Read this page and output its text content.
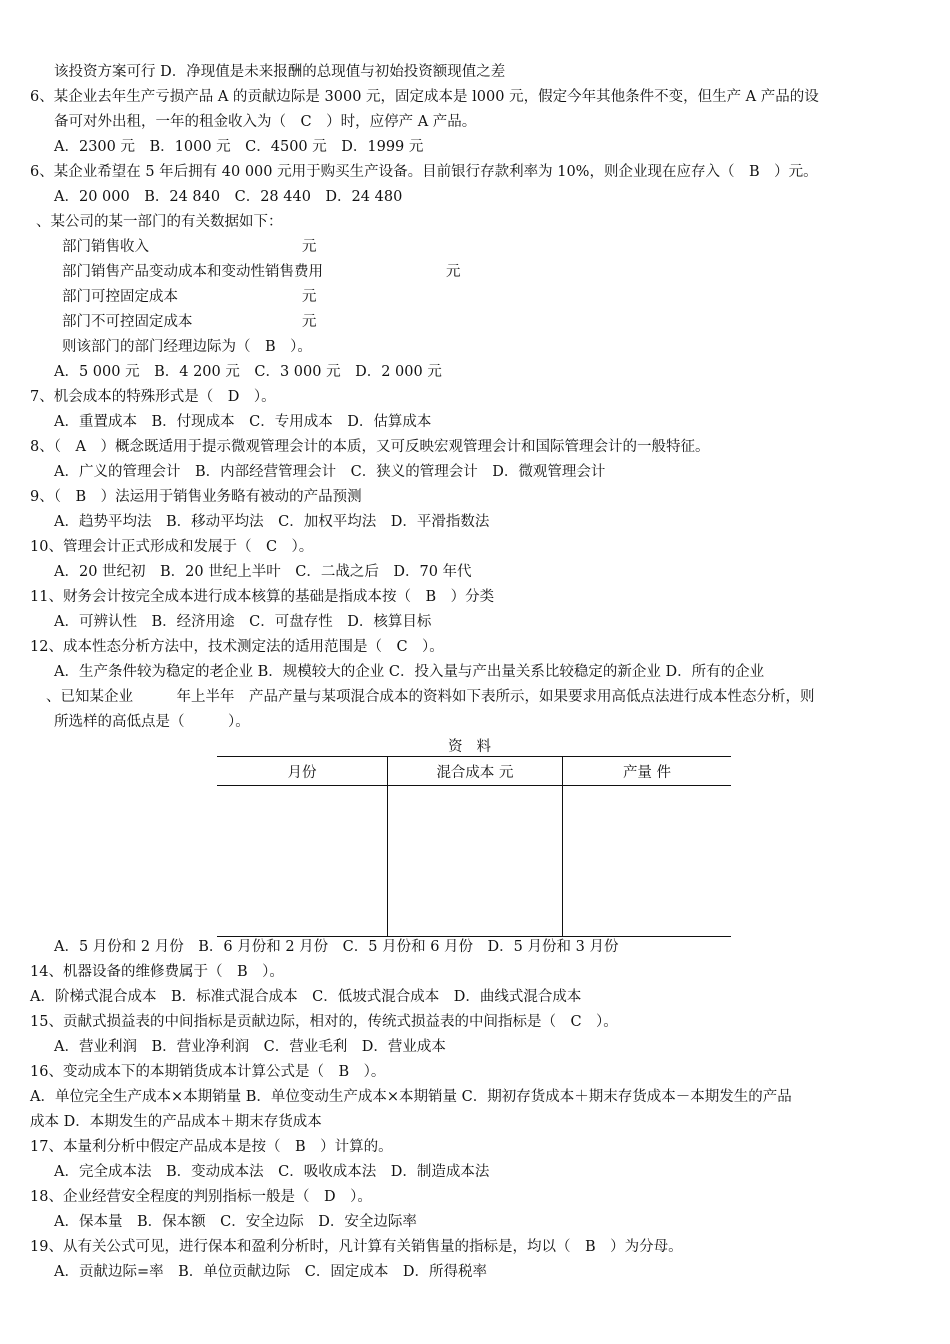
该投资方案可行 D．净现值是未来报酬的总现值与初始投资额现值之差
6、某企业去年生产亏损产品 A 的贡献边际是 3000 元，固定成本是 l000 元，假定今年其他条件不变，但生产 A 产品的设
备可对外出租，一年的租金收入为（　C　）时，应停产 A 产品。
A．2300 元　B．1000 元　C．4500 元　D．1999 元
6、某企业希望在 5 年后拥有 40 000 元用于购买生产设备。目前银行存款利率为 10%，则企业现在应存入（　B　）元。
A．20 000　B．24 840　C．28 440　D．24 480
、某公司的某一部门的有关数据如下：
部门销售收入	元
部门销售产品变动成本和变动性销售费用	元
部门可控固定成本	元
部门不可控固定成本	元
则该部门的部门经理边际为（　B　）。
A．5 000 元　B．4 200 元　C．3 000 元　D．2 000 元
7、机会成本的特殊形式是（　D　）。
A．重置成本　B．付现成本　C．专用成本　D．估算成本
8、（　A　）概念既适用于提示微观管理会计的本质，又可反映宏观管理会计和国际管理会计的一般特征。
A．广义的管理会计　B．内部经营管理会计　C．狭义的管理会计　D．微观管理会计
9、（　B　）法运用于销售业务略有被动的产品预测
A．趋势平均法　B．移动平均法　C．加权平均法　D．平滑指数法
10、管理会计正式形成和发展于（　C　）。
A．20 世纪初　B．20 世纪上半叶　C．二战之后　D．70 年代
11、财务会计按完全成本进行成本核算的基础是指成本按（　B　）分类
A．可辨认性　B．经济用途　C．可盘存性　D．核算目标
12、成本性态分析方法中，技术测定法的适用范围是（　C　）。
A．生产条件较为稳定的老企业 B．规模较大的企业 C．投入量与产出量关系比较稳定的新企业 D．所有的企业
、已知某企业　　　年上半年　产品产量与某项混合成本的资料如下表所示，如果要求用高低点法进行成本性态分析，则
所选样的高低点是（　　　）。
资料
月份	混合成本 元	产量 件

A．5 月份和 2 月份　B．6 月份和 2 月份　C．5 月份和 6 月份　D．5 月份和 3 月份
14、机器设备的维修费属于（　B　）。
A．阶梯式混合成本　B．标准式混合成本　C．低坡式混合成本　D．曲线式混合成本
15、贡献式损益表的中间指标是贡献边际，相对的，传统式损益表的中间指标是（　C　）。
A．营业利润　B．营业净利润　C．营业毛利　D．营业成本
16、变动成本下的本期销货成本计算公式是（　B　）。
A．单位完全生产成本×本期销量 B．单位变动生产成本×本期销量 C．期初存货成本＋期末存货成本－本期发生的产品
成本 D．本期发生的产品成本＋期末存货成本
17、本量利分析中假定产品成本是按（　B　）计算的。
A．完全成本法　B．变动成本法　C．吸收成本法　D．制造成本法
18、企业经营安全程度的判别指标一般是（　D　）。
A．保本量　B．保本额　C．安全边际　D．安全边际率
19、从有关公式可见，进行保本和盈利分析时，凡计算有关销售量的指标是，均以（　B　）为分母。
A．贡献边际=率　B．单位贡献边际　C．固定成本　D．所得税率
